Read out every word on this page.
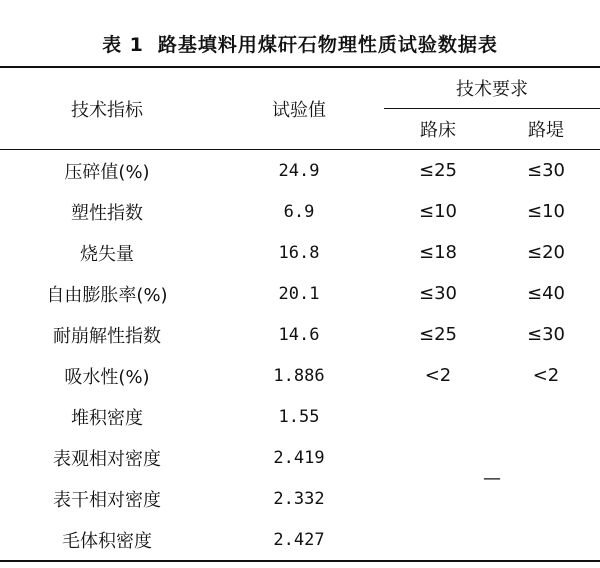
表 1 路基填料用煤矸石物理性质试验数据表
技术指标	试验值	技术要求	
		路床	路堤
压碎值(%)	24.9	≤25	≤30
塑性指数	6.9	≤10	≤10
烧失量	16.8	≤18	≤20
自由膨胀率(%)	20.1	≤30	≤40
耐崩解性指数	14.6	≤25	≤30
吸水性(%)	1.886	<2	<2
堆积密度	1.55	—	
表观相对密度	2.419		
表干相对密度	2.332		
毛体积密度	2.427		
